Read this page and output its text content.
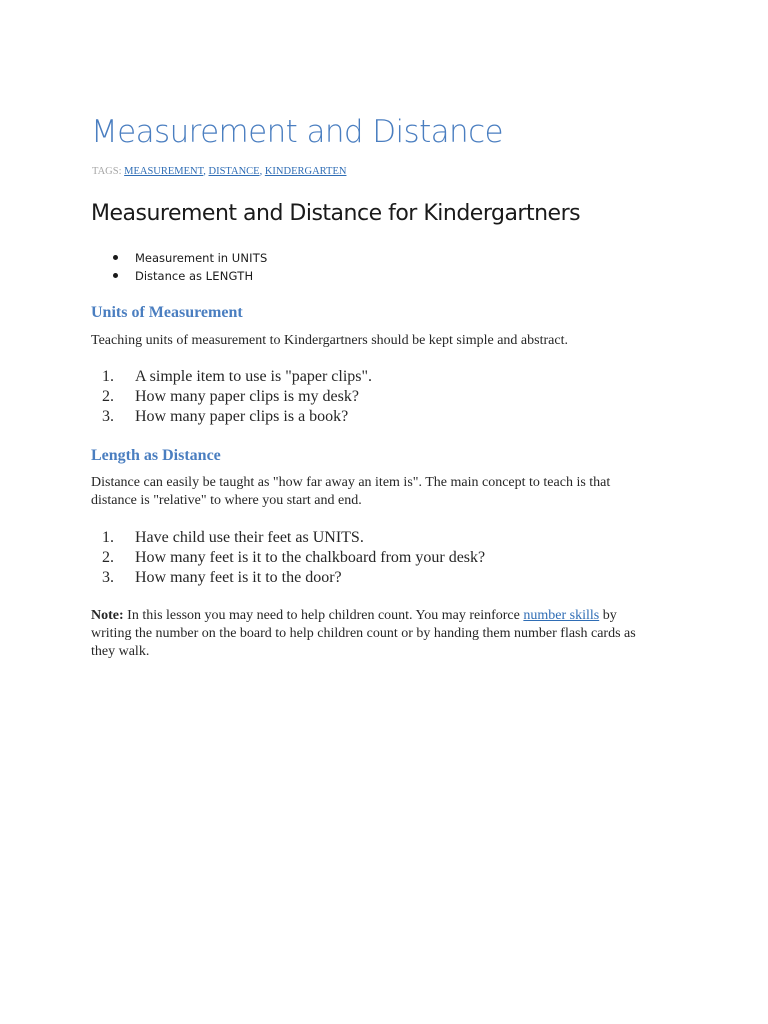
Measurement and Distance
TAGS: MEASUREMENT, DISTANCE, KINDERGARTEN
Measurement and Distance for Kindergartners
Measurement in UNITS
Distance as LENGTH
Units of Measurement

Teaching units of measurement to Kindergartners should be kept simple and abstract.

1. A simple item to use is "paper clips".
2. How many paper clips is my desk?
3. How many paper clips is a book?
Length as Distance

Distance can easily be taught as "how far away an item is". The main concept to teach is that
distance is "relative" to where you start and end.

1. Have child use their feet as UNITS.
2. How many feet is it to the chalkboard from your desk?
3. How many feet is it to the door?

Note: In this lesson you may need to help children count. You may reinforce number skills by
writing the number on the board to help children count or by handing them number flash cards as
they walk.
